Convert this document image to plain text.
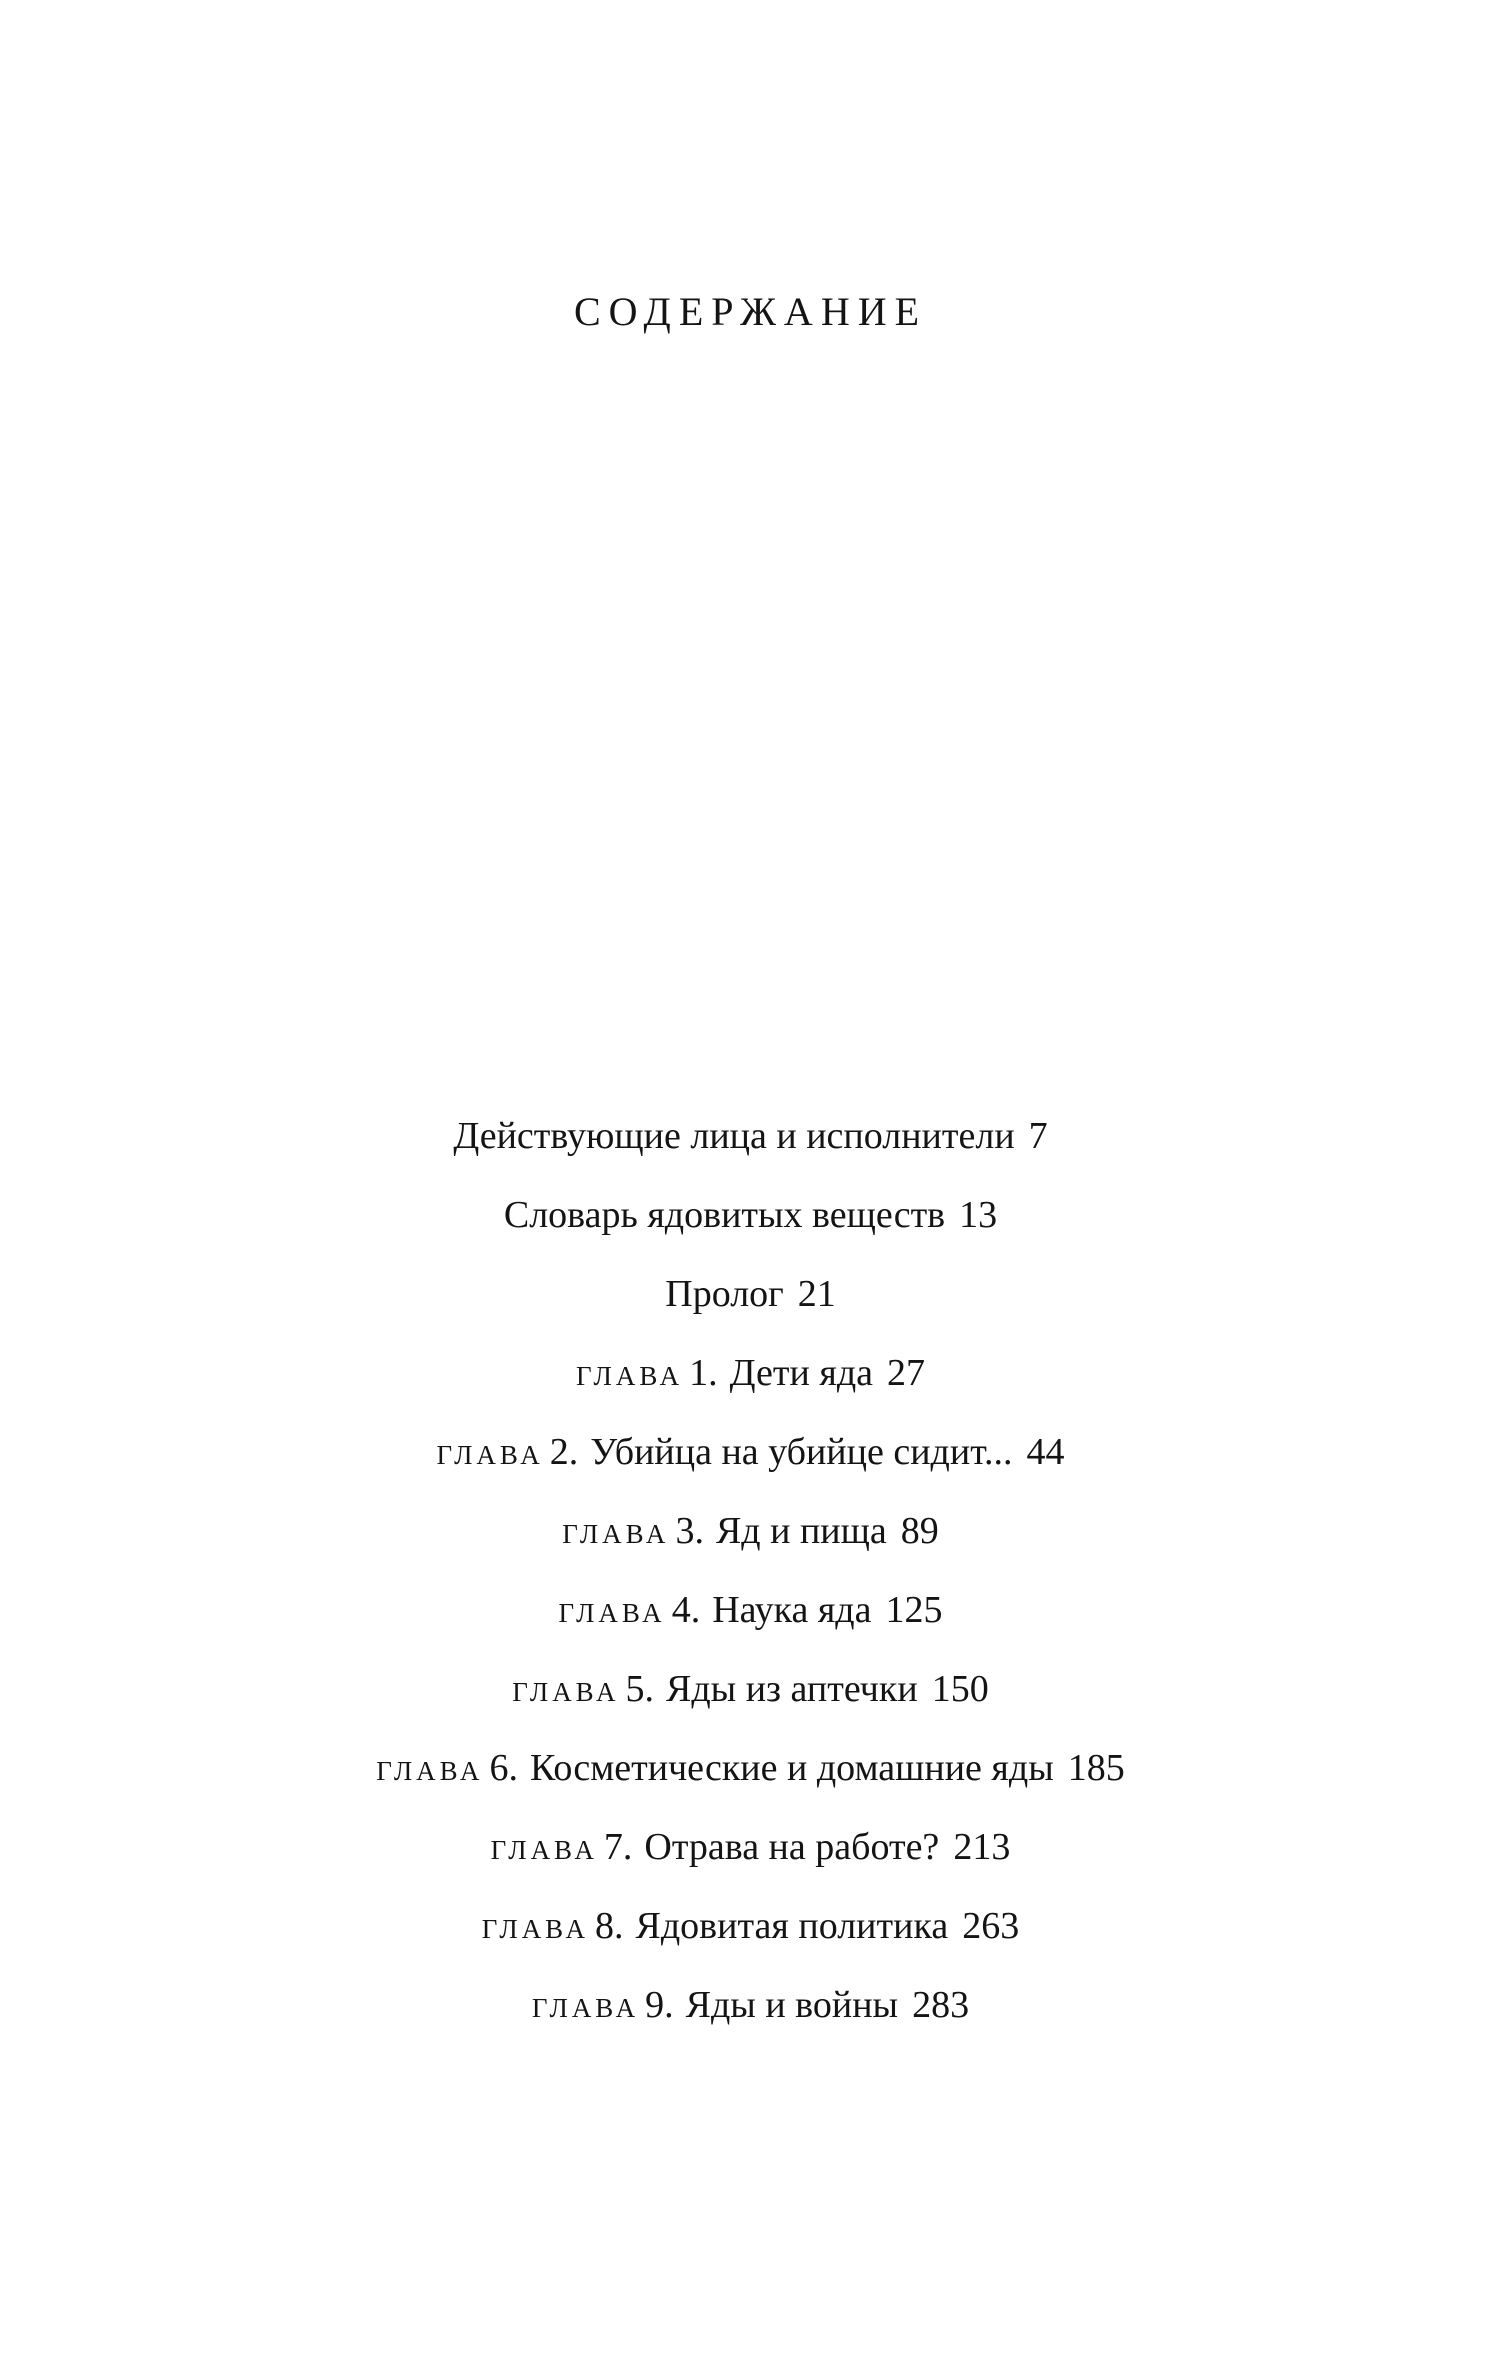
СОДЕРЖАНИЕ
Действующие лица и исполнители 7
Словарь ядовитых веществ 13
Пролог 21
ГЛАВА 1. Дети яда 27
ГЛАВА 2. Убийца на убийце сидит... 44
ГЛАВА 3. Яд и пища 89
ГЛАВА 4. Наука яда 125
ГЛАВА 5. Яды из аптечки 150
ГЛАВА 6. Косметические и домашние яды 185
ГЛАВА 7. Отрава на работе? 213
ГЛАВА 8. Ядовитая политика 263
ГЛАВА 9. Яды и войны 283
